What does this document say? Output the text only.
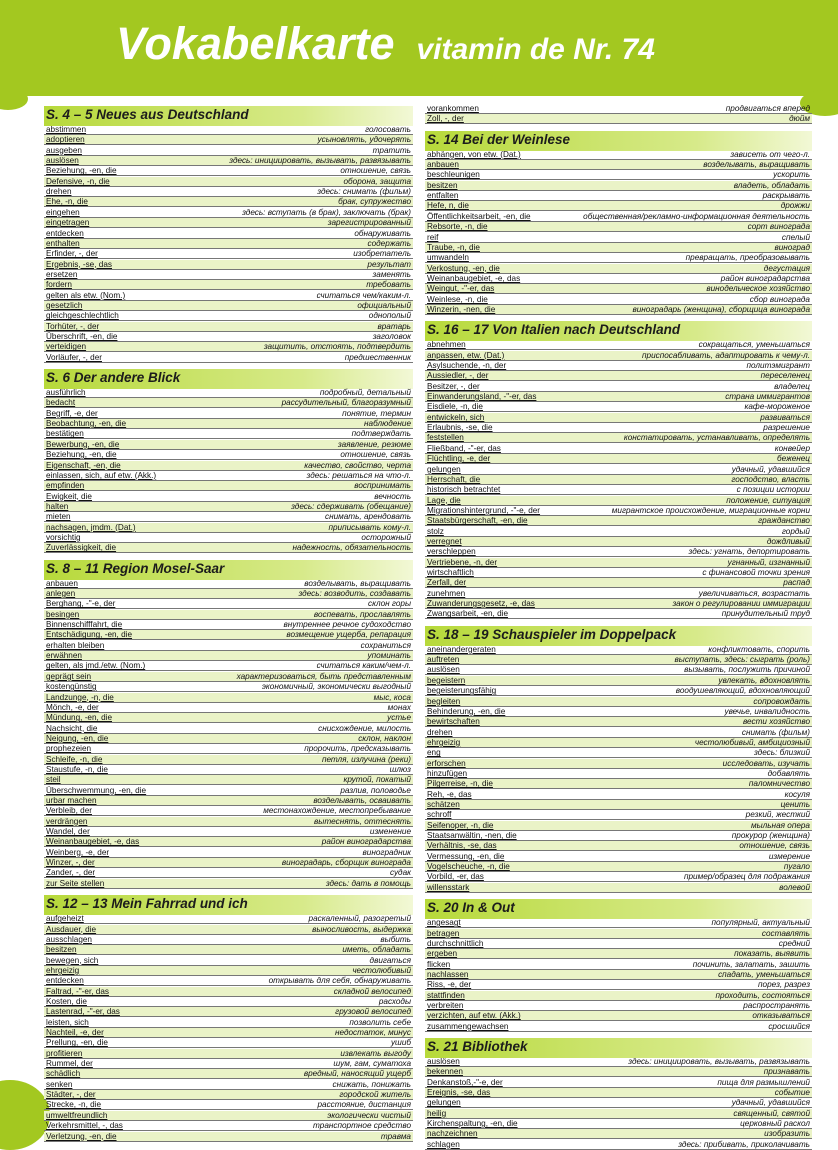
Vokabelkarte vitamin de Nr. 74
S. 4 – 5 Neues aus Deutschland
abstimmen	голосовать
adoptieren	усыновлять, удочерять
ausgeben	тратить
auslösen	здесь: инициировать, вызывать, развязывать
Beziehung, -en, die	отношение, связь
Defensive, -n, die	оборона, защита
drehen	здесь: снимать (фильм)
Ehe, -n, die	брак, супружество
eingehen	здесь: вступать (в брак), заключать (брак)
eingetragen	зарегистрированный
entdecken	обнаруживать
enthalten	содержать
Erfinder, -, der	изобретатель
Ergebnis, -se, das	результат
ersetzen	заменять
fordern	требовать
gelten als etw. (Nom.)	считаться чем/каким-л.
gesetzlich	официальный
gleichgeschlechtlich	однополый
Torhüter, -, der	вратарь
Überschrift, -en, die	заголовок
verteidigen	защитить, отстоять, подтвердить
Vorläufer, -, der	предшественник
S. 6 Der andere Blick
ausführlich	подробный, детальный
bedacht	рассудительный, благоразумный
Begriff, -e, der	понятие, термин
Beobachtung, -en, die	наблюдение
bestätigen	подтверждать
Bewerbung, -en, die	заявление, резюме
Beziehung, -en, die	отношение, связь
Eigenschaft, -en, die	качество, свойство, черта
einlassen, sich, auf etw. (Akk.)	здесь: решаться на что-л.
empfinden	воспринимать
Ewigkeit, die	вечность
halten	здесь: сдерживать (обещание)
mieten	снимать, арендовать
nachsagen, jmdm. (Dat.)	приписывать кому-л.
vorsichtig	осторожный
Zuverlässigkeit, die	надежность, обязательность
S. 8 – 11 Region Mosel-Saar
anbauen	возделывать, выращивать
anlegen	здесь: возводить, создавать
Berghang, -"-e, der	склон горы
besingen	воспевать, прославлять
Binnenschifffahrt, die	внутреннее речное судоходство
Entschädigung, -en, die	возмещение ущерба, репарация
erhalten bleiben	сохраниться
erwähnen	упоминать
gelten, als jmd./etw. (Nom.)	считаться каким/чем-л.
geprägt sein	характеризоваться, быть представленным
kostengünstig	экономичный, экономически выгодный
Landzunge, -n, die	мыс, коса
Mönch, -e, der	монах
Mündung, -en, die	устье
Nachsicht, die	снисхождение, милость
Neigung, -en, die	склон, наклон
prophezeien	пророчить, предсказывать
Schleife, -n, die	петля, излучина (реки)
Staustufe, -n, die	шлюз
steil	крутой, покатый
Überschwemmung, -en, die	разлив, половодье
urbar machen	возделывать, осваивать
Verbleib, der	местонахождение, местопребывание
verdrängen	вытеснять, оттеснять
Wandel, der	изменение
Weinanbaugebiet, -e, das	район виноградарства
Weinberg, -e, der	виноградник
Winzer, -, der	виноградарь, сборщик винограда
Zander, -, der	судак
zur Seite stellen	здесь: дать в помощь
S. 12 – 13 Mein Fahrrad und ich
aufgeheizt	раскаленный, разогретый
Ausdauer, die	выносливость, выдержка
ausschlagen	выбить
besitzen	иметь, обладать
bewegen, sich	двигаться
ehrgeizig	честолюбивый
entdecken	открывать для себя, обнаруживать
Faltrad, -"-er, das	складной велосипед
Kosten, die	расходы
Lastenrad, -"-er, das	грузовой велосипед
leisten, sich	позволить себе
Nachteil, -e, der	недостаток, минус
Prellung, -en, die	ушиб
profitieren	извлекать выгоду
Rummel, der	шум, гам, суматоха
schädlich	вредный, наносящий ущерб
senken	снижать, понижать
Städter, -, der	городской житель
Strecke, -n, die	расстояние, дистанция
umweltfreundlich	экологически чистый
Verkehrsmittel, -, das	транспортное средство
Verletzung, -en, die	травма
vorankommen	продвигаться вперед
Zoll, -, der	дюйм
S. 14 Bei der Weinlese
abhängen, von etw. (Dat.)	зависеть от чего-л.
anbauen	возделывать, выращивать
beschleunigen	ускорить
besitzen	владеть, обладать
entfalten	раскрывать
Hefe, n, die	дрожжи
Öffentlichkeitsarbeit, -en, die	общественная/рекламно-информационная деятельность
Rebsorte, -n, die	сорт винограда
reif	спелый
Traube, -n, die	виноград
umwandeln	превращать, преобразовывать
Verkostung, -en, die	дегустация
Weinanbaugebiet, -e, das	район виноградарства
Weingut, -"-er, das	винодельческое хозяйство
Weinlese, -n, die	сбор винограда
Winzerin, -nen, die	виноградарь (женщина), сборщица винограда
S. 16 – 17 Von Italien nach Deutschland
abnehmen	сокращаться, уменьшаться
anpassen, etw. (Dat.)	приспосабливать, адаптировать к чему-л.
Asylsuchende, -n, der	политэмигрант
Aussiedler, -, der	переселенец
Besitzer, -, der	владелец
Einwanderungsland, -"-er, das	страна иммигрантов
Eisdiele, -n, die	кафе-мороженое
entwickeln, sich	развиваться
Erlaubnis, -se, die	разрешение
feststellen	констатировать, устанавливать, определять
Fließband, -"-er, das	конвейер
Flüchtling, -e, der	беженец
gelungen	удачный, удавшийся
Herrschaft, die	господство, власть
historisch betrachtet	с позиции истории
Lage, die	положение, ситуация
Migrationshintergrund, -"-e, der	мигрантское происхождение, миграционные корни
Staatsbürgerschaft, -en, die	гражданство
stolz	гордый
verregnet	дождливый
verschleppen	здесь: угнать, депортировать
Vertriebene, -n, der	угнанный, изгнанный
wirtschaftlich	с финансовой точки зрения
Zerfall, der	распад
zunehmen	увеличиваться, возрастать
Zuwanderungsgesetz, -e, das	закон о регулировании иммиграции
Zwangsarbeit, -en, die	принудительный труд
S. 18 – 19 Schauspieler im Doppelpack
aneinandergeraten	конфликтовать, спорить
auftreten	выступать, здесь: сыграть (роль)
auslösen	вызывать, послужить причиной
begeistern	увлекать, вдохновлять
begeisterungsfähig	воодушевляющий, вдохновляющий
begleiten	сопровождать
Behinderung, -en, die	увечье, инвалидность
bewirtschaften	вести хозяйство
drehen	снимать (фильм)
ehrgeizig	честолюбивый, амбициозный
eng	здесь: близкий
erforschen	исследовать, изучать
hinzufügen	добавлять
Pilgerreise, -n, die	паломничество
Reh, -e, das	косуля
schätzen	ценить
schroff	резкий, жесткий
Seifenoper, -n, die	мыльная опера
Staatsanwältin, -nen, die	прокурор (женщина)
Verhältnis, -se, das	отношение, связь
Vermessung, -en, die	измерение
Vogelscheuche, -n, die	пугало
Vorbild, -er, das	пример/образец для подражания
willensstark	волевой
S. 20 In & Out
angesagt	популярный, актуальный
betragen	составлять
durchschnittlich	средний
ergeben	показать, выявить
flicken	починить, залатать, зашить
nachlassen	спадать, уменьшаться
Riss, -e, der	порез, разрез
stattfinden	проходить, состояться
verbreiten	распространять
verzichten, auf etw. (Akk.)	отказываться
zusammengewachsen	сросшийся
S. 21 Bibliothek
auslösen	здесь: инициировать, вызывать, развязывать
bekennen	признавать
Denkanstoß,-"-e, der	пища для размышлений
Ereignis, -se, das	событие
gelungen	удачный, удавшийся
heilig	священный, святой
Kirchenspaltung, -en, die	церковный раскол
nachzeichnen	изобразить
schlagen	здесь: прибивать, приколачивать
